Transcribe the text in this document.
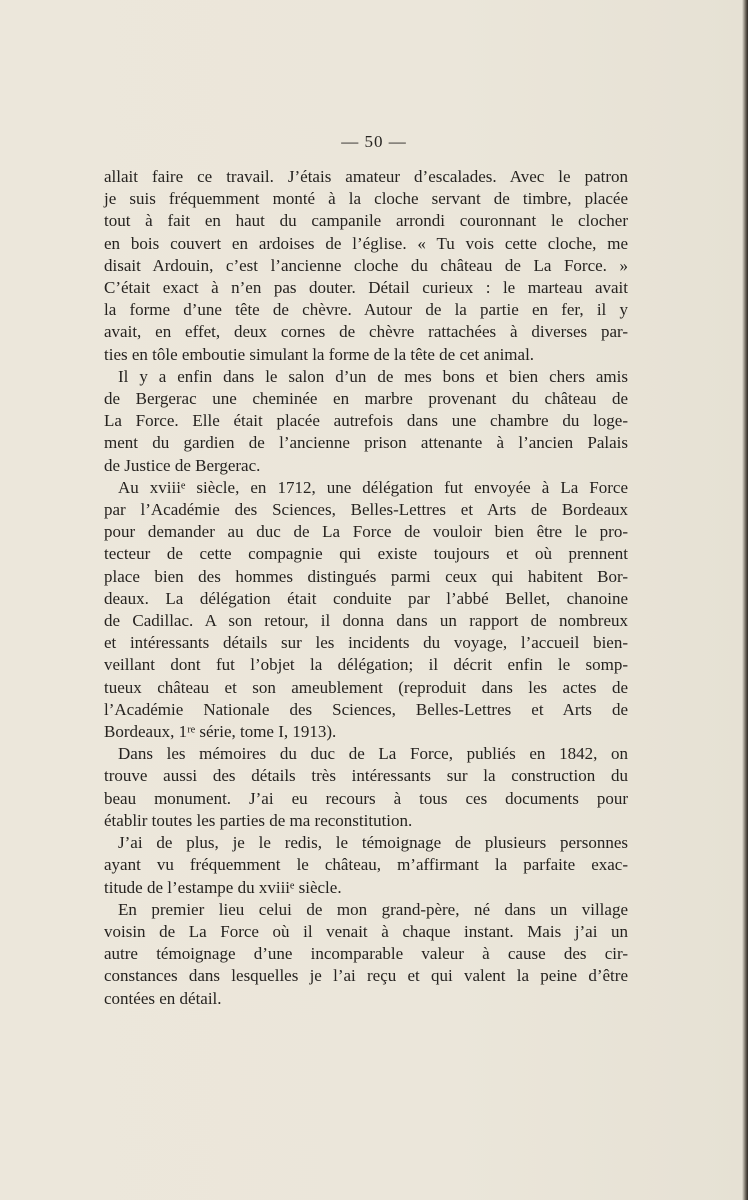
— 50 —
allait faire ce travail. J’étais amateur d’escalades. Avec le patron
je suis fréquemment monté à la cloche servant de timbre, placée
tout à fait en haut du campanile arrondi couronnant le clocher
en bois couvert en ardoises de l’église. « Tu vois cette cloche, me
disait Ardouin, c’est l’ancienne cloche du château de La Force. »
C’était exact à n’en pas douter. Détail curieux : le marteau avait
la forme d’une tête de chèvre. Autour de la partie en fer, il y
avait, en effet, deux cornes de chèvre rattachées à diverses par-
ties en tôle emboutie simulant la forme de la tête de cet animal.
Il y a enfin dans le salon d’un de mes bons et bien chers amis
de Bergerac une cheminée en marbre provenant du château de
La Force. Elle était placée autrefois dans une chambre du loge-
ment du gardien de l’ancienne prison attenante à l’ancien Palais
de Justice de Bergerac.
Au xviiiᵉ siècle, en 1712, une délégation fut envoyée à La Force
par l’Académie des Sciences, Belles-Lettres et Arts de Bordeaux
pour demander au duc de La Force de vouloir bien être le pro-
tecteur de cette compagnie qui existe toujours et où prennent
place bien des hommes distingués parmi ceux qui habitent Bor-
deaux. La délégation était conduite par l’abbé Bellet, chanoine
de Cadillac. A son retour, il donna dans un rapport de nombreux
et intéressants détails sur les incidents du voyage, l’accueil bien-
veillant dont fut l’objet la délégation; il décrit enfin le somp-
tueux château et son ameublement (reproduit dans les actes de
l’Académie Nationale des Sciences, Belles-Lettres et Arts de
Bordeaux, 1ʳᵉ série, tome I, 1913).
Dans les mémoires du duc de La Force, publiés en 1842, on
trouve aussi des détails très intéressants sur la construction du
beau monument. J’ai eu recours à tous ces documents pour
établir toutes les parties de ma reconstitution.
J’ai de plus, je le redis, le témoignage de plusieurs personnes
ayant vu fréquemment le château, m’affirmant la parfaite exac-
titude de l’estampe du xviiiᵉ siècle.
En premier lieu celui de mon grand-père, né dans un village
voisin de La Force où il venait à chaque instant. Mais j’ai un
autre témoignage d’une incomparable valeur à cause des cir-
constances dans lesquelles je l’ai reçu et qui valent la peine d’être
contées en détail.
